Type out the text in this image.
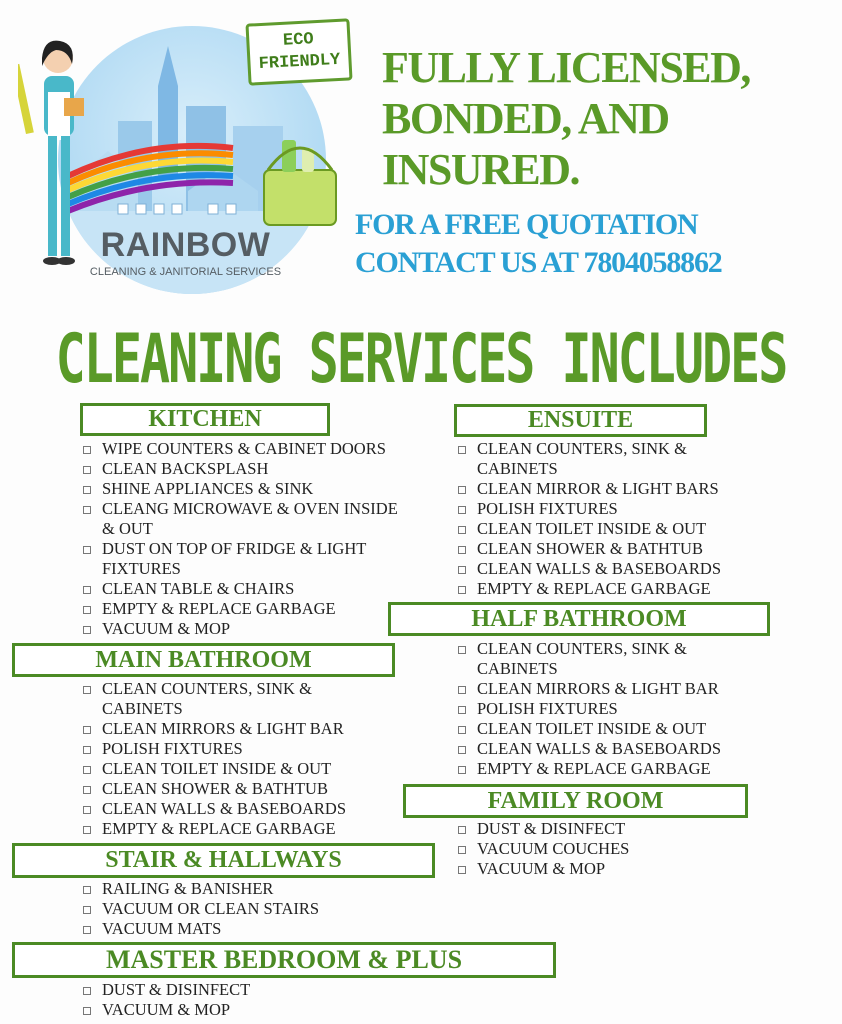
ECO
FRIENDLY
RAINBOW
CLEANING & JANITORIAL SERVICES
FULLY LICENSED,
BONDED, AND
INSURED.
FOR A FREE QUOTATION
CONTACT US AT 7804058862
CLEANING SERVICES INCLUDES
KITCHEN
WIPE COUNTERS & CABINET DOORS
CLEAN BACKSPLASH
SHINE APPLIANCES & SINK
CLEANG MICROWAVE & OVEN INSIDE & OUT
DUST ON TOP OF FRIDGE & LIGHT FIXTURES
CLEAN TABLE & CHAIRS
EMPTY & REPLACE GARBAGE
VACUUM & MOP
MAIN BATHROOM
CLEAN COUNTERS, SINK & CABINETS
CLEAN MIRRORS & LIGHT BAR
POLISH FIXTURES
CLEAN TOILET INSIDE & OUT
CLEAN SHOWER & BATHTUB
CLEAN WALLS & BASEBOARDS
EMPTY & REPLACE GARBAGE
STAIR & HALLWAYS
RAILING & BANISHER
VACUUM OR CLEAN STAIRS
VACUUM MATS
MASTER BEDROOM & PLUS
DUST & DISINFECT
VACUUM & MOP
ENSUITE
CLEAN COUNTERS, SINK & CABINETS
CLEAN MIRROR & LIGHT BARS
POLISH FIXTURES
CLEAN TOILET INSIDE & OUT
CLEAN SHOWER & BATHTUB
CLEAN WALLS & BASEBOARDS
EMPTY & REPLACE GARBAGE
HALF BATHROOM
CLEAN COUNTERS, SINK & CABINETS
CLEAN MIRRORS & LIGHT BAR
POLISH FIXTURES
CLEAN TOILET INSIDE & OUT
CLEAN WALLS & BASEBOARDS
EMPTY & REPLACE GARBAGE
FAMILY ROOM
DUST & DISINFECT
VACUUM COUCHES
VACUUM & MOP
